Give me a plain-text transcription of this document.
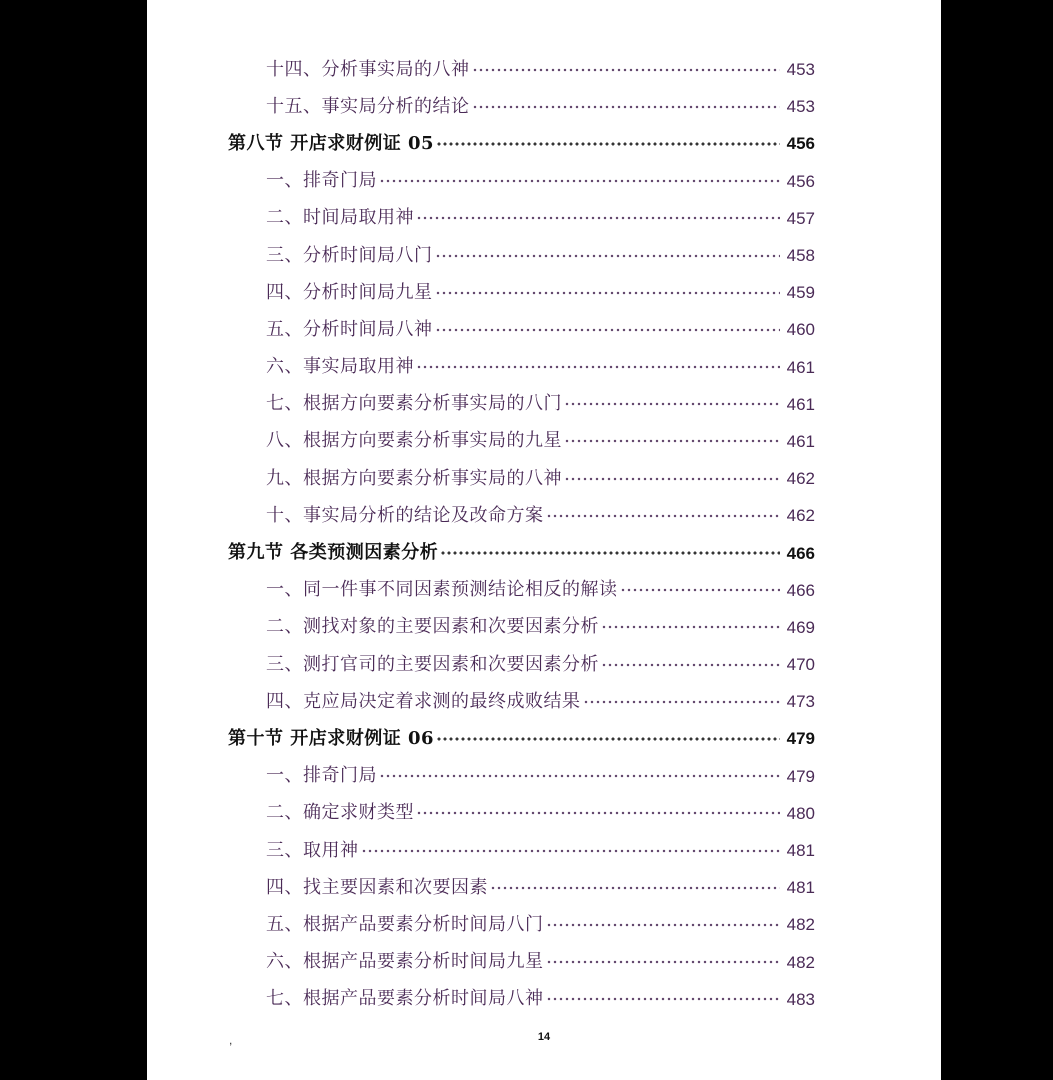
十四、分析事实局的八神	453
十五、事实局分析的结论	453
第八节 开店求财例证 05	456
一、排奇门局	456
二、时间局取用神	457
三、分析时间局八门	458
四、分析时间局九星	459
五、分析时间局八神	460
六、事实局取用神	461
七、根据方向要素分析事实局的八门	461
八、根据方向要素分析事实局的九星	461
九、根据方向要素分析事实局的八神	462
十、事实局分析的结论及改命方案	462
第九节 各类预测因素分析	466
一、同一件事不同因素预测结论相反的解读	466
二、测找对象的主要因素和次要因素分析	469
三、测打官司的主要因素和次要因素分析	470
四、克应局决定着求测的最终成败结果	473
第十节 开店求财例证 06	479
一、排奇门局	479
二、确定求财类型	480
三、取用神	481
四、找主要因素和次要因素	481
五、根据产品要素分析时间局八门	482
六、根据产品要素分析时间局九星	482
七、根据产品要素分析时间局八神	483
,	14
